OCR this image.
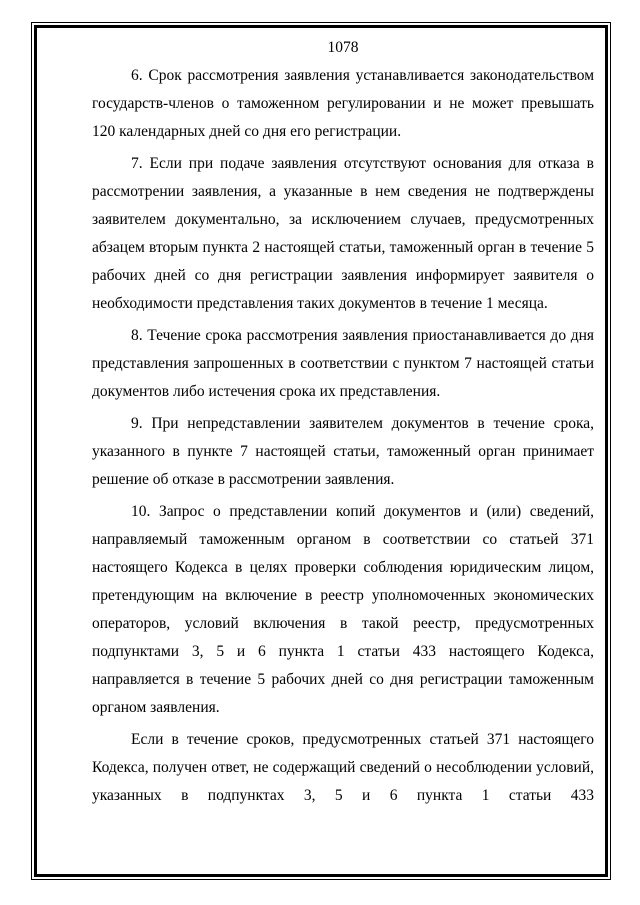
1078

6. Срок рассмотрения заявления устанавливается законодательством государств-членов о таможенном регулировании и не может превышать 120 календарных дней со дня его регистрации.

7. Если при подаче заявления отсутствуют основания для отказа в рассмотрении заявления, а указанные в нем сведения не подтверждены заявителем документально, за исключением случаев, предусмотренных абзацем вторым пункта 2 настоящей статьи, таможенный орган в течение 5 рабочих дней со дня регистрации заявления информирует заявителя о необходимости представления таких документов в течение 1 месяца.

8. Течение срока рассмотрения заявления приостанавливается до дня представления запрошенных в соответствии с пунктом 7 настоящей статьи документов либо истечения срока их представления.

9. При непредставлении заявителем документов в течение срока, указанного в пункте 7 настоящей статьи, таможенный орган принимает решение об отказе в рассмотрении заявления.

10. Запрос о представлении копий документов и (или) сведений, направляемый таможенным органом в соответствии со статьей 371 настоящего Кодекса в целях проверки соблюдения юридическим лицом, претендующим на включение в реестр уполномоченных экономических операторов, условий включения в такой реестр, предусмотренных подпунктами 3, 5 и 6 пункта 1 статьи 433 настоящего Кодекса, направляется в течение 5 рабочих дней со дня регистрации таможенным органом заявления.

Если в течение сроков, предусмотренных статьей 371 настоящего Кодекса, получен ответ, не содержащий сведений о несоблюдении условий, указанных в подпунктах 3, 5 и 6 пункта 1 статьи 433
